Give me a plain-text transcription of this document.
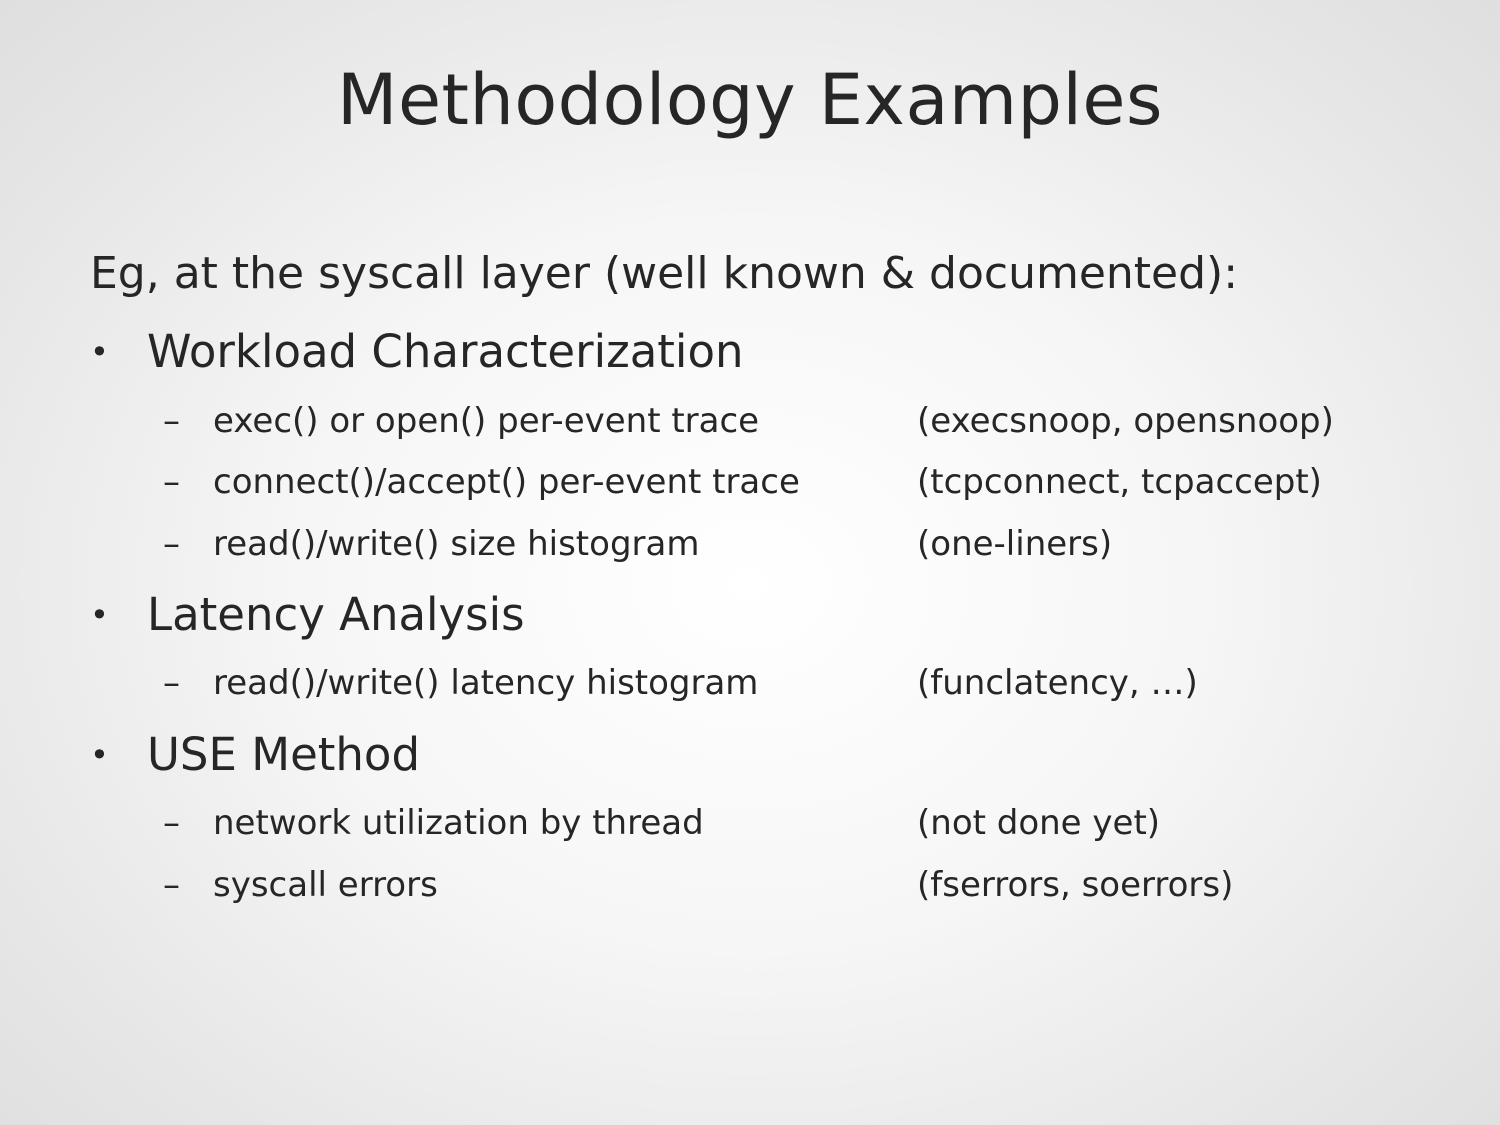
Methodology Examples

Eg, at the syscall layer (well known & documented):

• Workload Characterization
– exec() or open() per-event trace	(execsnoop, opensnoop)
– connect()/accept() per-event trace	(tcpconnect, tcpaccept)
– read()/write() size histogram	(one-liners)
• Latency Analysis
– read()/write() latency histogram	(funclatency, …)
• USE Method
– network utilization by thread	(not done yet)
– syscall errors	(fserrors, soerrors)
